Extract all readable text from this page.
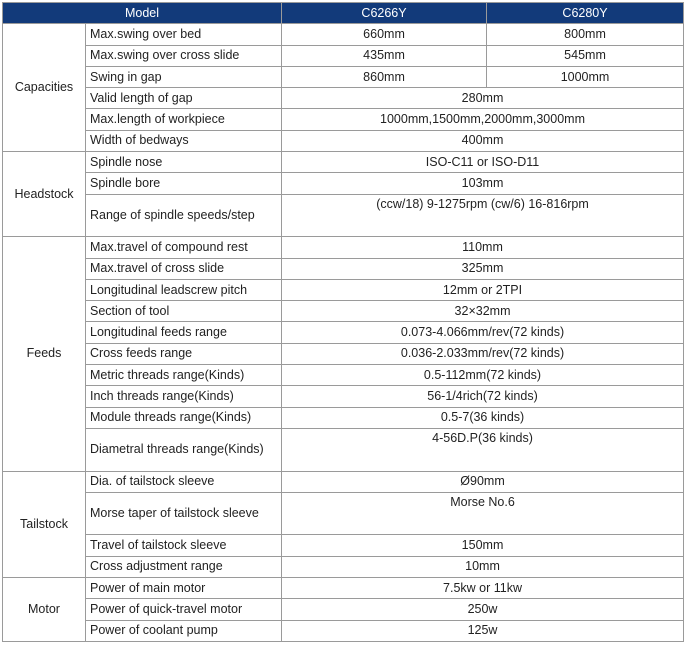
Model		C6266Y	C6280Y
Capacities	Max.swing over bed	660mm	800mm
	Max.swing over cross slide	435mm	545mm
	Swing in gap	860mm	1000mm
	Valid length of gap	280mm	
	Max.length of workpiece	1000mm,1500mm,2000mm,3000mm	
	Width of bedways	400mm	
Headstock	Spindle nose	ISO-C11 or ISO-D11	
	Spindle bore	103mm	
	Range of spindle speeds/step	(ccw/18) 9-1275rpm (cw/6) 16-816rpm	
Feeds	Max.travel of compound rest	110mm	
	Max.travel of cross slide	325mm	
	Longitudinal leadscrew pitch	12mm or 2TPI	
	Section of tool	32×32mm	
	Longitudinal feeds range	0.073-4.066mm/rev(72 kinds)	
	Cross feeds range	0.036-2.033mm/rev(72 kinds)	
	Metric threads range(Kinds)	0.5-112mm(72 kinds)	
	Inch threads range(Kinds)	56-1/4rich(72 kinds)	
	Module threads range(Kinds)	0.5-7(36 kinds)	
	Diametral threads range(Kinds)	4-56D.P(36 kinds)	
Tailstock	Dia. of tailstock sleeve	Ø90mm	
	Morse taper of tailstock sleeve	Morse No.6	
	Travel of tailstock sleeve	150mm	
	Cross adjustment range	10mm	
Motor	Power of main motor	7.5kw or 11kw	
	Power of quick-travel motor	250w	
	Power of coolant pump	125w	
